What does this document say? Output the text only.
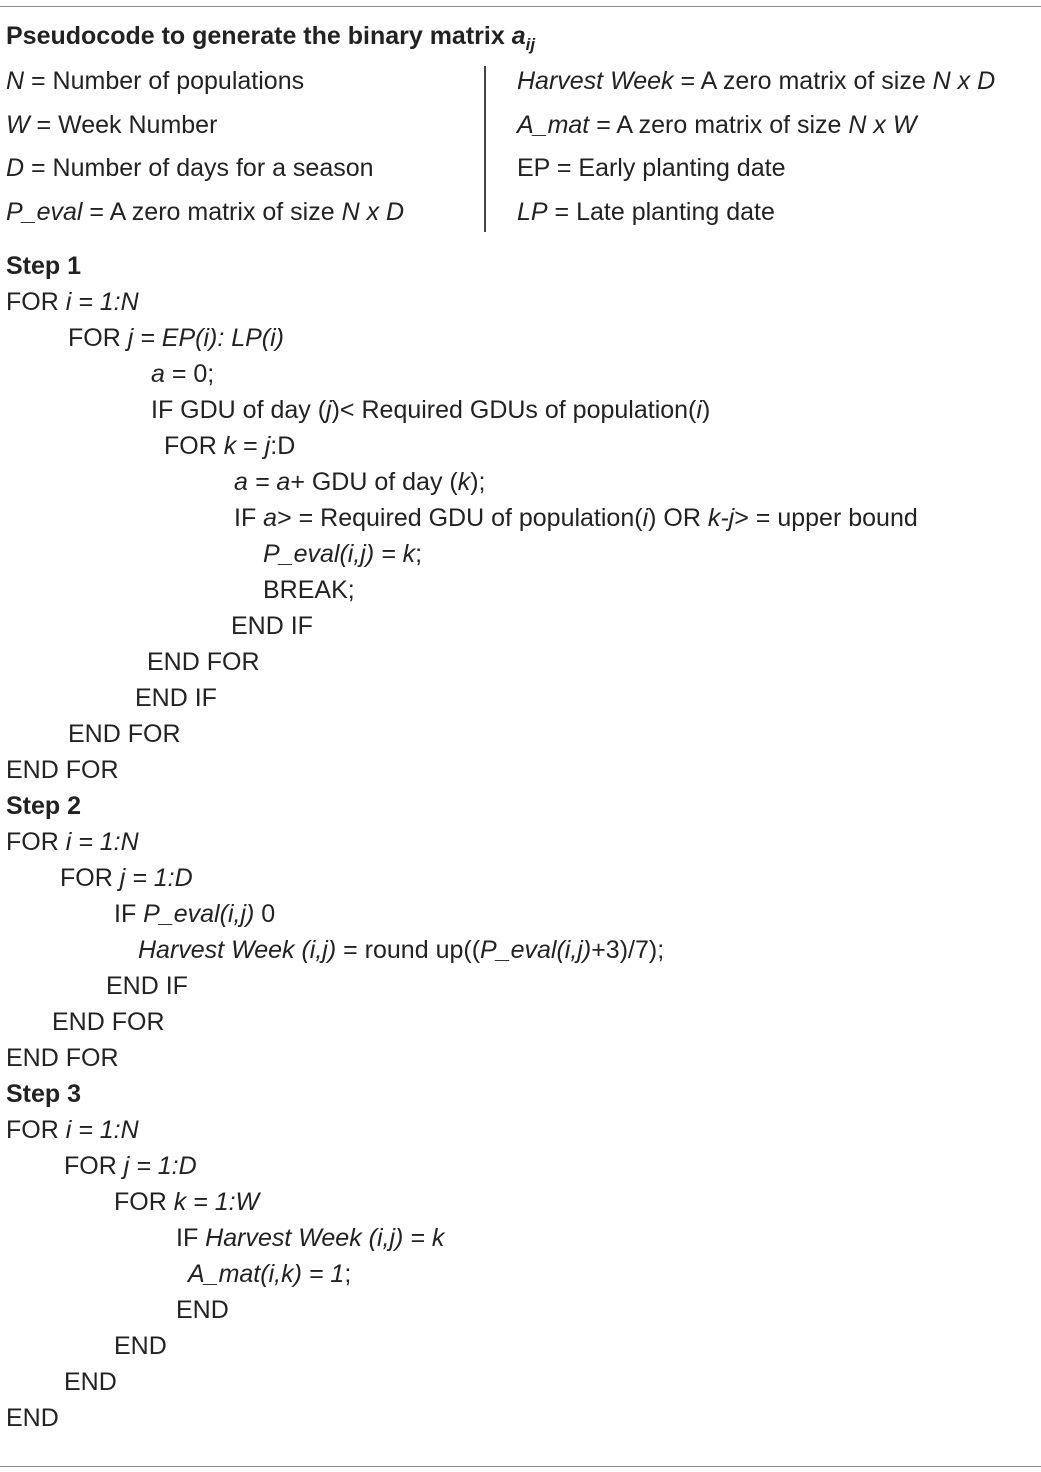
Pseudocode to generate the binary matrix $a_{ij}$
N = Number of populations
W = Week Number
D = Number of days for a season
P_eval = A zero matrix of size N x D
Harvest Week = A zero matrix of size N x D
A_mat = A zero matrix of size N x W
EP = Early planting date
LP = Late planting date
Step 1
FOR i = 1:N
FOR j = EP(i): LP(i)
a = 0;
IF GDU of day (j)< Required GDUs of population(i)
FOR k = j:D
a = a+ GDU of day (k);
IF a> = Required GDU of population(i) OR k-j> = upper bound
P_eval(i,j) = k;
BREAK;
END IF
END FOR
END IF
END FOR
END FOR
Step 2
FOR i = 1:N
FOR j = 1:D
IF P_eval(i,j) 0
Harvest Week (i,j) = round up((P_eval(i,j)+3)/7);
END IF
END FOR
END FOR
Step 3
FOR i = 1:N
FOR j = 1:D
FOR k = 1:W
IF Harvest Week (i,j) = k
A_mat(i,k) = 1;
END
END
END
END
